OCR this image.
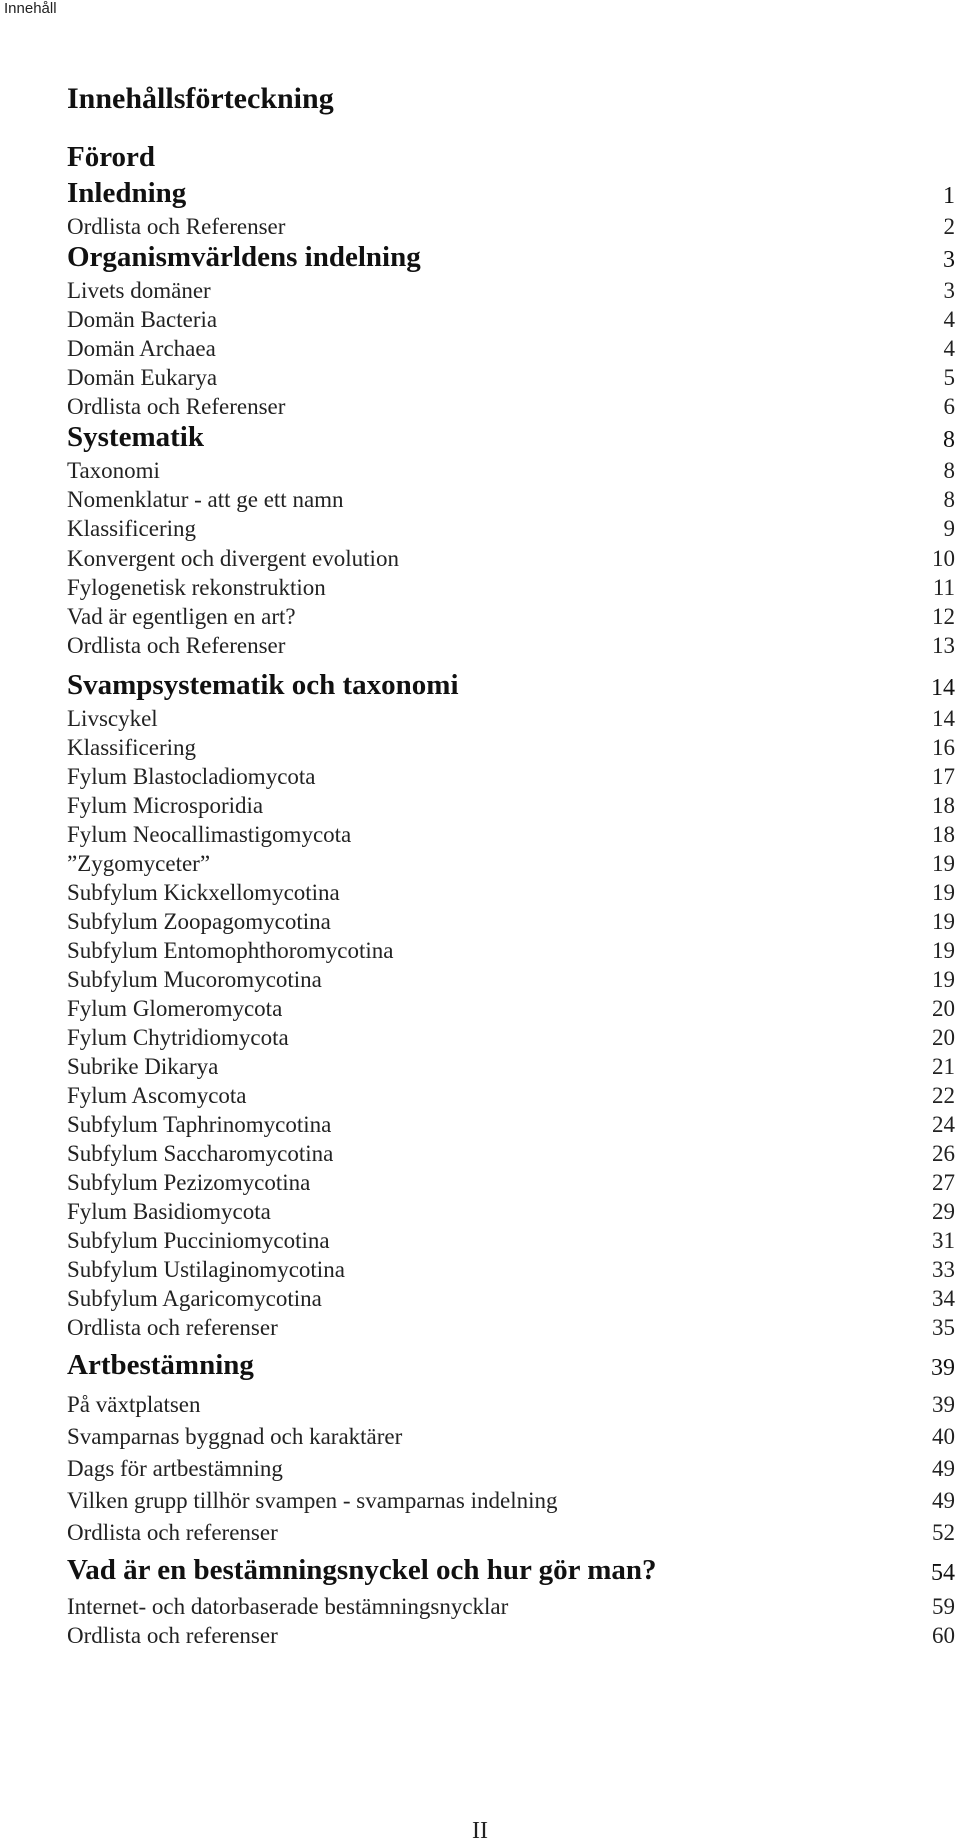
Innehåll
Innehållsförteckning
Förord
Inledning	1
Ordlista och Referenser	2
Organismvärldens indelning	3
Livets domäner	3
Domän Bacteria	4
Domän Archaea	4
Domän Eukarya	5
Ordlista och Referenser	6
Systematik	8
Taxonomi	8
Nomenklatur - att ge ett namn	8
Klassificering	9
Konvergent och divergent evolution	10
Fylogenetisk rekonstruktion	11
Vad är egentligen en art?	12
Ordlista och Referenser	13
Svampsystematik och taxonomi	14
Livscykel	14
Klassificering	16
Fylum Blastocladiomycota	17
Fylum Microsporidia	18
Fylum Neocallimastigomycota	18
”Zygomyceter”	19
Subfylum Kickxellomycotina	19
Subfylum Zoopagomycotina	19
Subfylum Entomophthoromycotina	19
Subfylum Mucoromycotina	19
Fylum Glomeromycota	20
Fylum Chytridiomycota	20
Subrike Dikarya	21
Fylum Ascomycota	22
Subfylum Taphrinomycotina	24
Subfylum Saccharomycotina	26
Subfylum Pezizomycotina	27
Fylum Basidiomycota	29
Subfylum Pucciniomycotina	31
Subfylum Ustilaginomycotina	33
Subfylum Agaricomycotina	34
Ordlista och referenser	35
Artbestämning	39
På växtplatsen	39
Svamparnas byggnad och karaktärer	40
Dags för artbestämning	49
Vilken grupp tillhör svampen - svamparnas indelning	49
Ordlista och referenser	52
Vad är en bestämningsnyckel och hur gör man?	54
Internet- och datorbaserade bestämningsnycklar	59
Ordlista och referenser	60
II
